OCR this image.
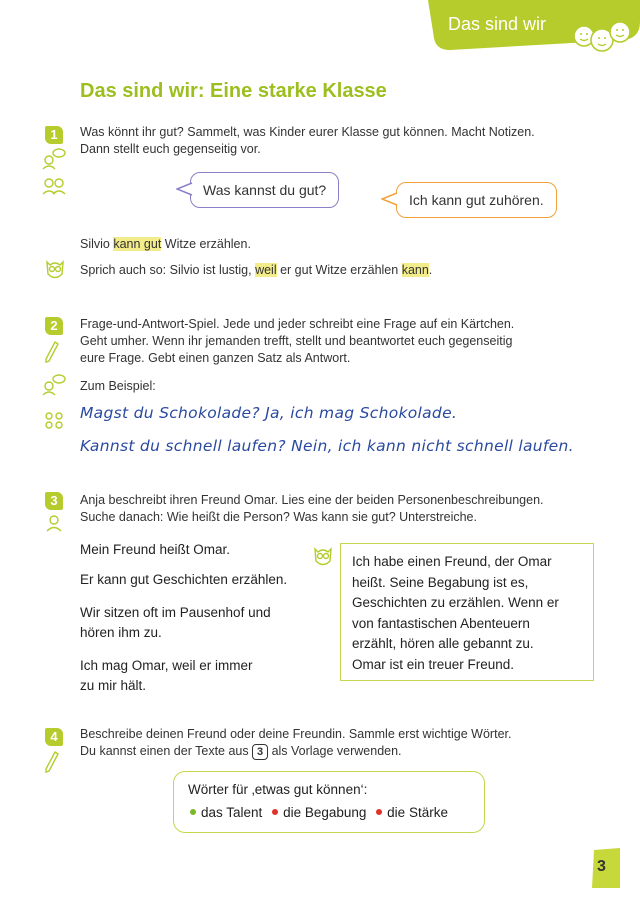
Das sind wir
Das sind wir: Eine starke Klasse
1	Was könnt ihr gut? Sammelt, was Kinder eurer Klasse gut können. Macht Notizen.
Dann stellt euch gegenseitig vor.
Was kannst du gut?
Ich kann gut zuhören.
Silvio kann gut Witze erzählen.
Sprich auch so: Silvio ist lustig, weil er gut Witze erzählen kann.
2	Frage-und-Antwort-Spiel. Jede und jeder schreibt eine Frage auf ein Kärtchen.
Geht umher. Wenn ihr jemanden trefft, stellt und beantwortet euch gegenseitig
eure Frage. Gebt einen ganzen Satz als Antwort.
Zum Beispiel:
Magst du Schokolade? Ja, ich mag Schokolade.
Kannst du schnell laufen? Nein, ich kann nicht schnell laufen.
3	Anja beschreibt ihren Freund Omar. Lies eine der beiden Personenbeschreibungen.
Suche danach: Wie heißt die Person? Was kann sie gut? Unterstreiche.
Mein Freund heißt Omar.
Er kann gut Geschichten erzählen.
Wir sitzen oft im Pausenhof und
hören ihm zu.
Ich mag Omar, weil er immer
zu mir hält.
Ich habe einen Freund, der Omar
heißt. Seine Begabung ist es,
Geschichten zu erzählen. Wenn er
von fantastischen Abenteuern
erzählt, hören alle gebannt zu.
Omar ist ein treuer Freund.
4	Beschreibe deinen Freund oder deine Freundin. Sammle erst wichtige Wörter.
Du kannst einen der Texte aus 3 als Vorlage verwenden.
Wörter für ‚etwas gut können‘:
das Talent die Begabung die Stärke
3
